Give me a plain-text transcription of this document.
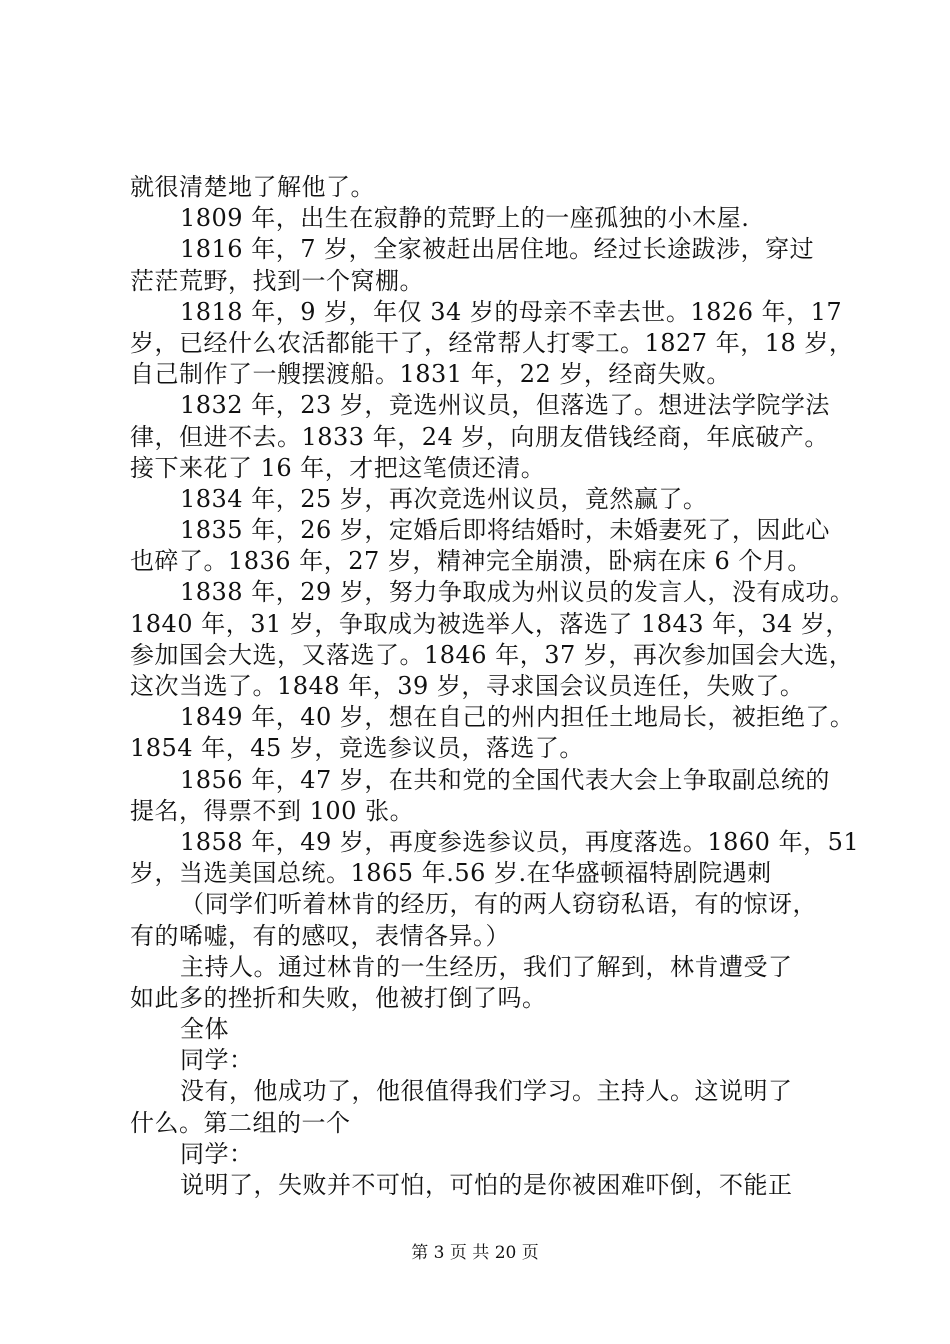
就很清楚地了解他了。
1809 年，出生在寂静的荒野上的一座孤独的小木屋.
1816 年，7 岁，全家被赶出居住地。经过长途跋涉，穿过
茫茫荒野，找到一个窝棚。
1818 年，9 岁，年仅 34 岁的母亲不幸去世。1826 年，17
岁，已经什么农活都能干了，经常帮人打零工。1827 年，18 岁，
自己制作了一艘摆渡船。1831 年，22 岁，经商失败。
1832 年，23 岁，竞选州议员，但落选了。想进法学院学法
律，但进不去。1833 年，24 岁，向朋友借钱经商，年底破产。
接下来花了 16 年，才把这笔债还清。
1834 年，25 岁，再次竞选州议员，竟然赢了。
1835 年，26 岁，定婚后即将结婚时，未婚妻死了，因此心
也碎了。1836 年，27 岁，精神完全崩溃，卧病在床 6 个月。
1838 年，29 岁，努力争取成为州议员的发言人，没有成功。
1840 年，31 岁，争取成为被选举人，落选了 1843 年，34 岁，
参加国会大选，又落选了。1846 年，37 岁，再次参加国会大选，
这次当选了。1848 年，39 岁，寻求国会议员连任，失败了。
1849 年，40 岁，想在自己的州内担任土地局长，被拒绝了。
1854 年，45 岁，竞选参议员，落选了。
1856 年，47 岁，在共和党的全国代表大会上争取副总统的
提名，得票不到 100 张。
1858 年，49 岁，再度参选参议员，再度落选。1860 年，51
岁，当选美国总统。1865 年.56 岁.在华盛顿福特剧院遇刺
（同学们听着林肯的经历，有的两人窃窃私语，有的惊讶，
有的唏嘘，有的感叹，表情各异。）
主持人。通过林肯的一生经历，我们了解到，林肯遭受了
如此多的挫折和失败，他被打倒了吗。
全体
同学：
没有，他成功了，他很值得我们学习。主持人。这说明了
什么。第二组的一个
同学：
说明了，失败并不可怕，可怕的是你被困难吓倒，不能正
第 3 页 共 20 页
